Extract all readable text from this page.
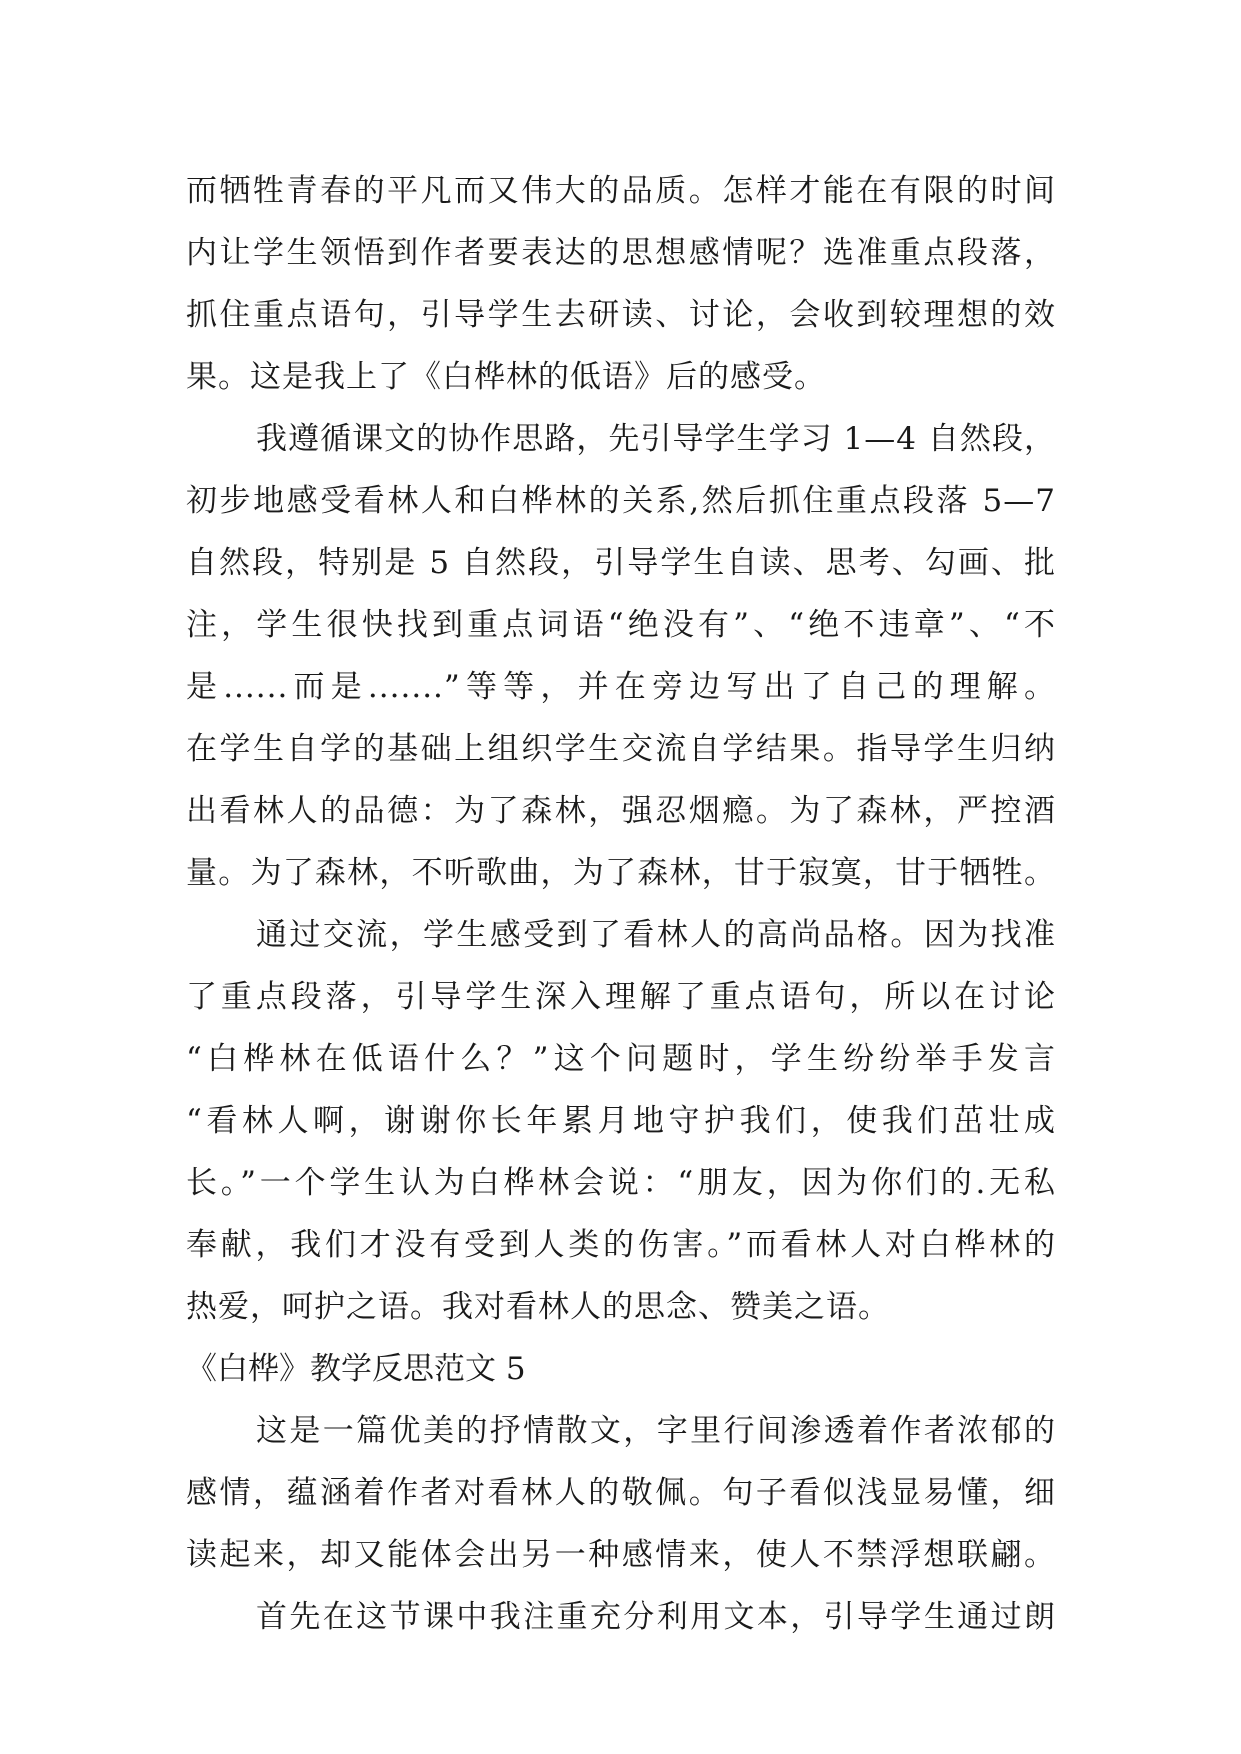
而牺牲青春的平凡而又伟大的品质。怎样才能在有限的时间
内让学生领悟到作者要表达的思想感情呢？选准重点段落，
抓住重点语句，引导学生去研读、讨论，会收到较理想的效
果。这是我上了《白桦林的低语》后的感受。
我遵循课文的协作思路，先引导学生学习 1—4 自然段，
初步地感受看林人和白桦林的关系,然后抓住重点段落 5—7
自然段，特别是 5 自然段，引导学生自读、思考、勾画、批
注，学生很快找到重点词语“绝没有”、“绝不违章”、“不
是......而是.......”等等，并在旁边写出了自己的理解。
在学生自学的基础上组织学生交流自学结果。指导学生归纳
出看林人的品德：为了森林，强忍烟瘾。为了森林，严控酒
量。为了森林，不听歌曲，为了森林，甘于寂寞，甘于牺牲。
通过交流，学生感受到了看林人的高尚品格。因为找准
了重点段落，引导学生深入理解了重点语句，所以在讨论
“白桦林在低语什么？”这个问题时，学生纷纷举手发言
“看林人啊，谢谢你长年累月地守护我们，使我们茁壮成
长。”一个学生认为白桦林会说：“朋友，因为你们的.无私
奉献，我们才没有受到人类的伤害。”而看林人对白桦林的
热爱，呵护之语。我对看林人的思念、赞美之语。
《白桦》教学反思范文 5
这是一篇优美的抒情散文，字里行间渗透着作者浓郁的
感情，蕴涵着作者对看林人的敬佩。句子看似浅显易懂，细
读起来，却又能体会出另一种感情来，使人不禁浮想联翩。
首先在这节课中我注重充分利用文本，引导学生通过朗
